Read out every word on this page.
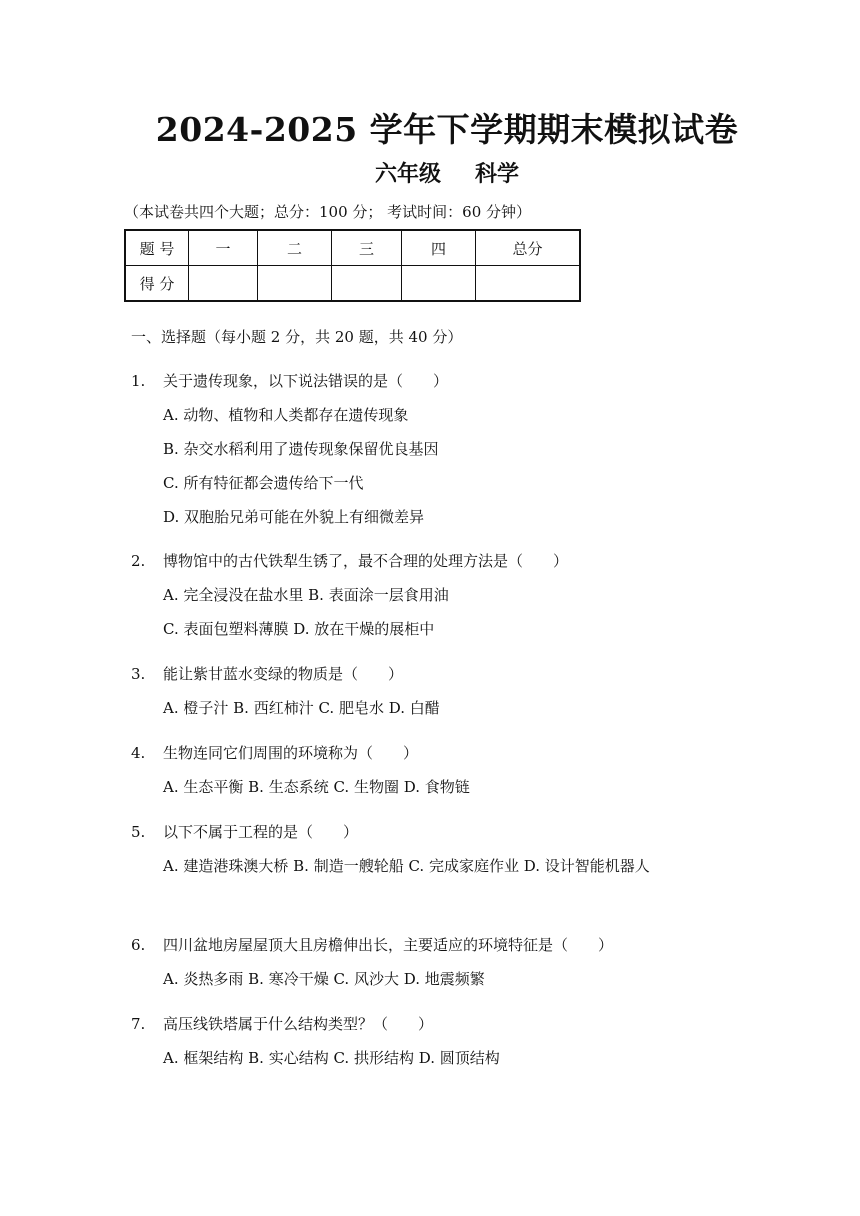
2024-2025 学年下学期期末模拟试卷
六年级 科学
（本试卷共四个大题；总分：100 分； 考试时间：60 分钟）
题 号	一	二	三	四	总分
得 分					
一、选择题（每小题 2 分，共 20 题，共 40 分）
1.	关于遗传现象，以下说法错误的是（　　）
A. 动物、植物和人类都存在遗传现象
B. 杂交水稻利用了遗传现象保留优良基因
C. 所有特征都会遗传给下一代
D. 双胞胎兄弟可能在外貌上有细微差异
2.	博物馆中的古代铁犁生锈了，最不合理的处理方法是（　　）
A. 完全浸没在盐水里 B. 表面涂一层食用油
C. 表面包塑料薄膜 D. 放在干燥的展柜中
3.	能让紫甘蓝水变绿的物质是（　　）
A. 橙子汁 B. 西红柿汁 C. 肥皂水 D. 白醋
4.	生物连同它们周围的环境称为（　　）
A. 生态平衡 B. 生态系统 C. 生物圈 D. 食物链
5.	以下不属于工程的是（　　）
A. 建造港珠澳大桥 B. 制造一艘轮船 C. 完成家庭作业 D. 设计智能机器人
6.	四川盆地房屋屋顶大且房檐伸出长，主要适应的环境特征是（　　）
A. 炎热多雨 B. 寒冷干燥 C. 风沙大 D. 地震频繁
7.	高压线铁塔属于什么结构类型？（　　）
A. 框架结构 B. 实心结构 C. 拱形结构 D. 圆顶结构
